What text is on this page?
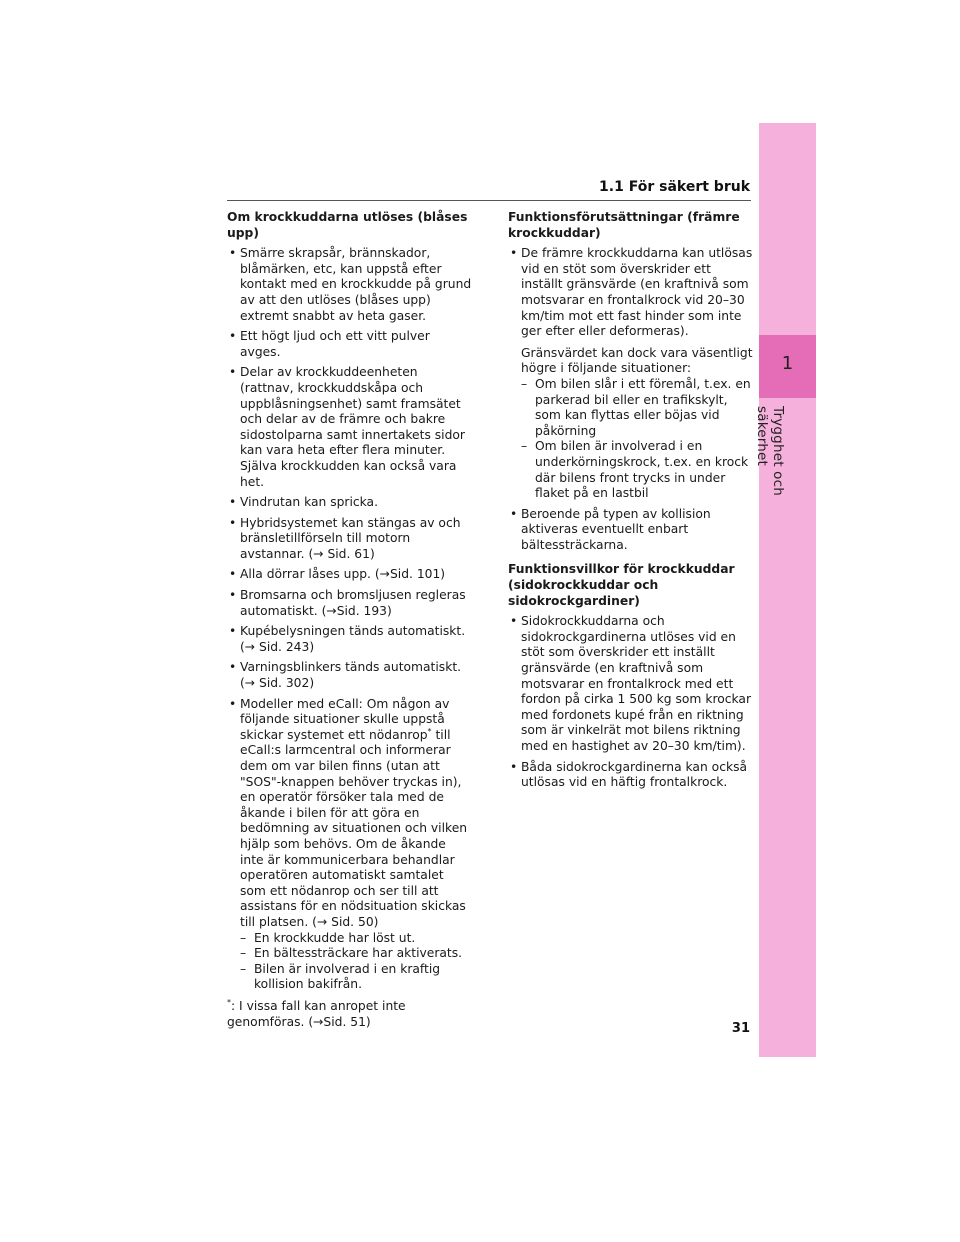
1.1 För säkert bruk
1
Trygghet och säkerhet
Om krockkuddarna utlöses (blåses upp)
• Smärre skrapsår, brännskador, blåmärken, etc, kan uppstå efter kontakt med en krockkudde på grund av att den utlöses (blåses upp) extremt snabbt av heta gaser.
• Ett högt ljud och ett vitt pulver avges.
• Delar av krockkuddeenheten (rattnav, krockkuddskåpa och uppblåsningsenhet) samt framsätet och delar av de främre och bakre sidostolparna samt innertakets sidor kan vara heta efter flera minuter. Själva krockkudden kan också vara het.
• Vindrutan kan spricka.
• Hybridsystemet kan stängas av och bränsletillförseln till motorn avstannar. (→ Sid. 61)
• Alla dörrar låses upp. (→Sid. 101)
• Bromsarna och bromsljusen regleras automatiskt. (→Sid. 193)
• Kupébelysningen tänds automatiskt. (→ Sid. 243)
• Varningsblinkers tänds automatiskt. (→ Sid. 302)
• Modeller med eCall: Om någon av följande situationer skulle uppstå skickar systemet ett nödanrop* till eCall:s larmcentral och informerar dem om var bilen finns (utan att "SOS"-knappen behöver tryckas in), en operatör försöker tala med de åkande i bilen för att göra en bedömning av situationen och vilken hjälp som behövs. Om de åkande inte är kommunicerbara behandlar operatören automatiskt samtalet som ett nödanrop och ser till att assistans för en nödsituation skickas till platsen. (→ Sid. 50)
– En krockkudde har löst ut.
– En bältessträckare har aktiverats.
– Bilen är involverad i en kraftig kollision bakifrån.
*: I vissa fall kan anropet inte genomföras. (→Sid. 51)
Funktionsförutsättningar (främre krockkuddar)
• De främre krockkuddarna kan utlösas vid en stöt som överskrider ett inställt gränsvärde (en kraftnivå som motsvarar en frontalkrock vid 20–30 km/tim mot ett fast hinder som inte ger efter eller deformeras).

Gränsvärdet kan dock vara väsentligt högre i följande situationer:

– Om bilen slår i ett föremål, t.ex. en parkerad bil eller en trafikskylt, som kan flyttas eller böjas vid påkörning
– Om bilen är involverad i en underkörningskrock, t.ex. en krock där bilens front trycks in under flaket på en lastbil
• Beroende på typen av kollision aktiveras eventuellt enbart bältessträckarna.
Funktionsvillkor för krockkuddar (sidokrockkuddar och sidokrockgardiner)
• Sidokrockkuddarna och sidokrockgardinerna utlöses vid en stöt som överskrider ett inställt gränsvärde (en kraftnivå som motsvarar en frontalkrock med ett fordon på cirka 1 500 kg som krockar med fordonets kupé från en riktning som är vinkelrät mot bilens riktning med en hastighet av 20–30 km/tim).
• Båda sidokrockgardinerna kan också utlösas vid en häftig frontalkrock.
31
